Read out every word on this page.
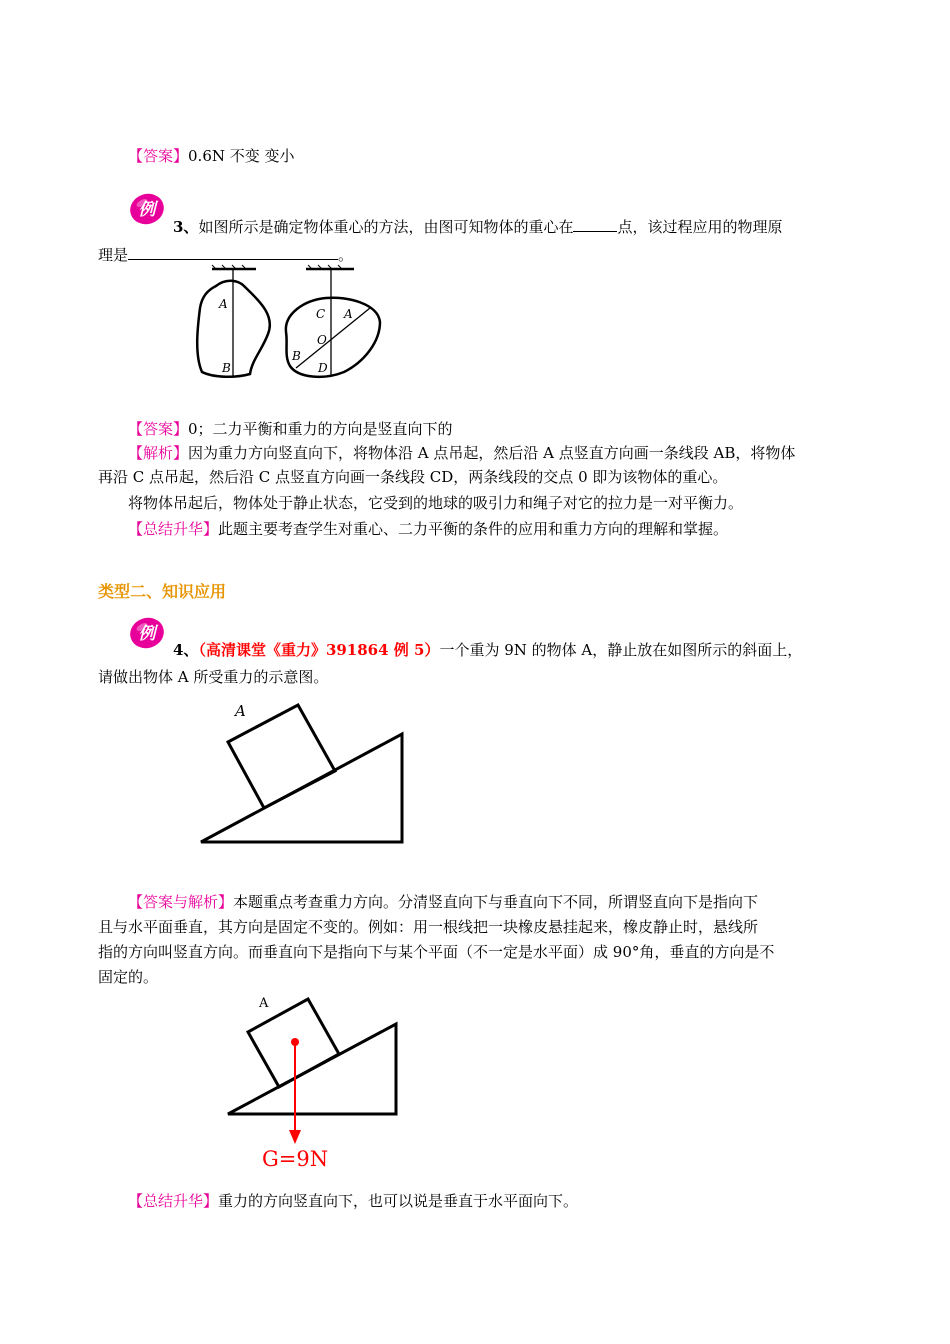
【答案】0.6N 不变 变小
例
3、如图所示是确定物体重心的方法，由图可知物体的重心在	点，该过程应用的物理原
理是	。
A
B
C A
O
B
D
【答案】0；二力平衡和重力的方向是竖直向下的
【解析】因为重力方向竖直向下，将物体沿 A 点吊起，然后沿 A 点竖直方向画一条线段 AB，将物体
再沿 C 点吊起，然后沿 C 点竖直方向画一条线段 CD，两条线段的交点 0 即为该物体的重心。
将物体吊起后，物体处于静止状态，它受到的地球的吸引力和绳子对它的拉力是一对平衡力。
【总结升华】此题主要考查学生对重心、二力平衡的条件的应用和重力方向的理解和掌握。
类型二、知识应用
例
4、（高清课堂《重力》391864 例 5）一个重为 9N 的物体 A，静止放在如图所示的斜面上，
请做出物体 A 所受重力的示意图。
A
【答案与解析】本题重点考查重力方向。分清竖直向下与垂直向下不同，所谓竖直向下是指向下
且与水平面垂直，其方向是固定不变的。例如：用一根线把一块橡皮悬挂起来，橡皮静止时，悬线所
指的方向叫竖直方向。而垂直向下是指向下与某个平面（不一定是水平面）成 90°角，垂直的方向是不
固定的。
A
G=9N
【总结升华】重力的方向竖直向下，也可以说是垂直于水平面向下。
